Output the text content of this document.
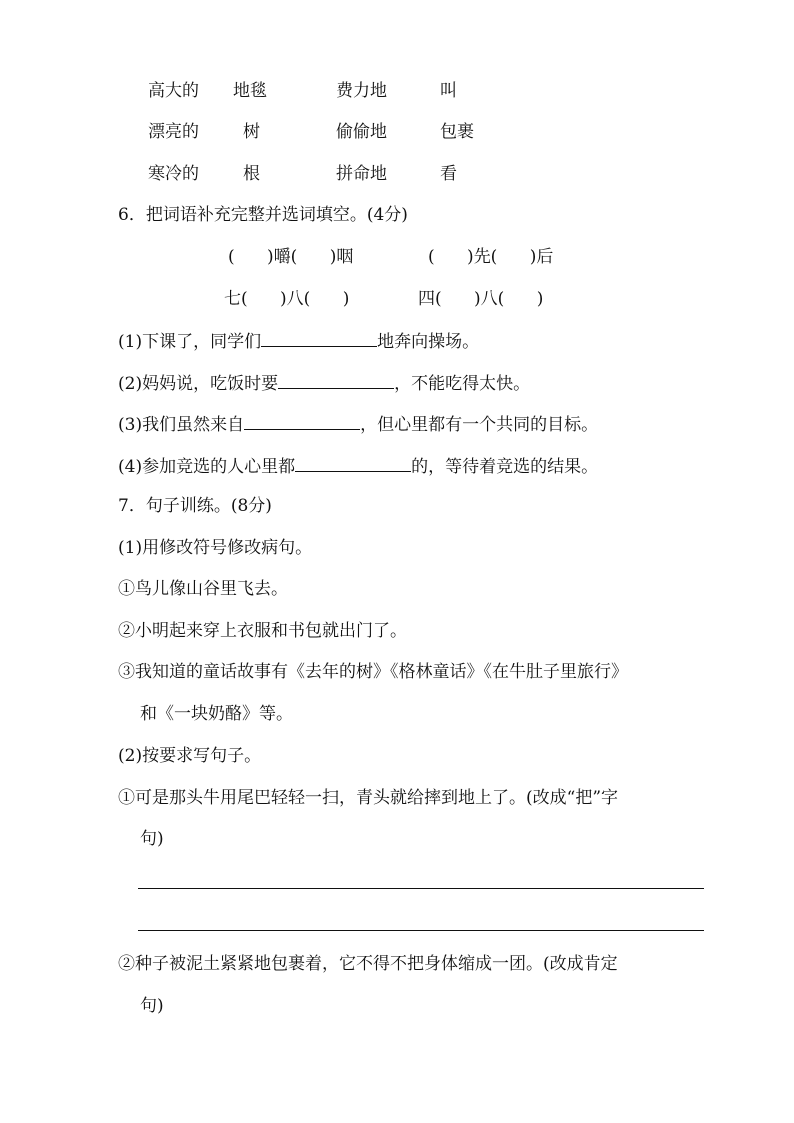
高大的 地毯	费力地	叫
漂亮的	树	偷偷地	包裹
寒冷的	根	拼命地	看
6．把词语补充完整并选词填空。(4分)
(      )嚼(      )咽	(      )先(      )后
七(      )八(      )	四(      )八(      )
(1)下课了，同学们	地奔向操场。
(2)妈妈说，吃饭时要	，不能吃得太快。
(3)我们虽然来自	，但心里都有一个共同的目标。
(4)参加竞选的人心里都	的，等待着竞选的结果。
7．句子训练。(8分)
(1)用修改符号修改病句。
①鸟儿像山谷里飞去。
②小明起来穿上衣服和书包就出门了。
③我知道的童话故事有《去年的树》《格林童话》《在牛肚子里旅行》
和《一块奶酪》等。
(2)按要求写句子。
①可是那头牛用尾巴轻轻一扫，青头就给摔到地上了。(改成“把”字
句)
②种子被泥土紧紧地包裹着，它不得不把身体缩成一团。(改成肯定
句)
